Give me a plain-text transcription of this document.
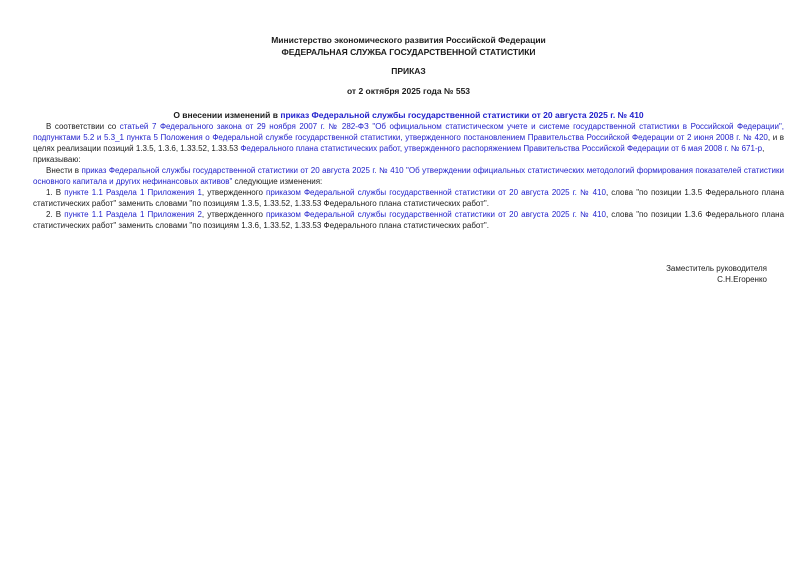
Министерство экономического развития Российской Федерации
ФЕДЕРАЛЬНАЯ СЛУЖБА ГОСУДАРСТВЕННОЙ СТАТИСТИКИ
ПРИКАЗ
от 2 октября 2025 года № 553
О внесении изменений в приказ Федеральной службы государственной статистики от 20 августа 2025 г. № 410

В соответствии со статьей 7 Федерального закона от 29 ноября 2007 г. № 282-ФЗ "Об официальном статистическом учете и системе государственной статистики в Российской Федерации", подпунктами 5.2 и 5.3_1 пункта 5 Положения о Федеральной службе государственной статистики, утвержденного постановлением Правительства Российской Федерации от 2 июня 2008 г. № 420, и в целях реализации позиций 1.3.5, 1.3.6, 1.33.52, 1.33.53 Федерального плана статистических работ, утвержденного распоряжением Правительства Российской Федерации от 6 мая 2008 г. № 671-р,

приказываю:

Внести в приказ Федеральной службы государственной статистики от 20 августа 2025 г. № 410 "Об утверждении официальных статистических методологий формирования показателей статистики основного капитала и других нефинансовых активов" следующие изменения:

1. В пункте 1.1 Раздела 1 Приложения 1, утвержденного приказом Федеральной службы государственной статистики от 20 августа 2025 г. № 410, слова "по позиции 1.3.5 Федерального плана статистических работ" заменить словами "по позициям 1.3.5, 1.33.52, 1.33.53 Федерального плана статистических работ".

2. В пункте 1.1 Раздела 1 Приложения 2, утвержденного приказом Федеральной службы государственной статистики от 20 августа 2025 г. № 410, слова "по позиции 1.3.6 Федерального плана статистических работ" заменить словами "по позициям 1.3.6, 1.33.52, 1.33.53 Федерального плана статистических работ".

Заместитель руководителя
С.Н.Егоренко
